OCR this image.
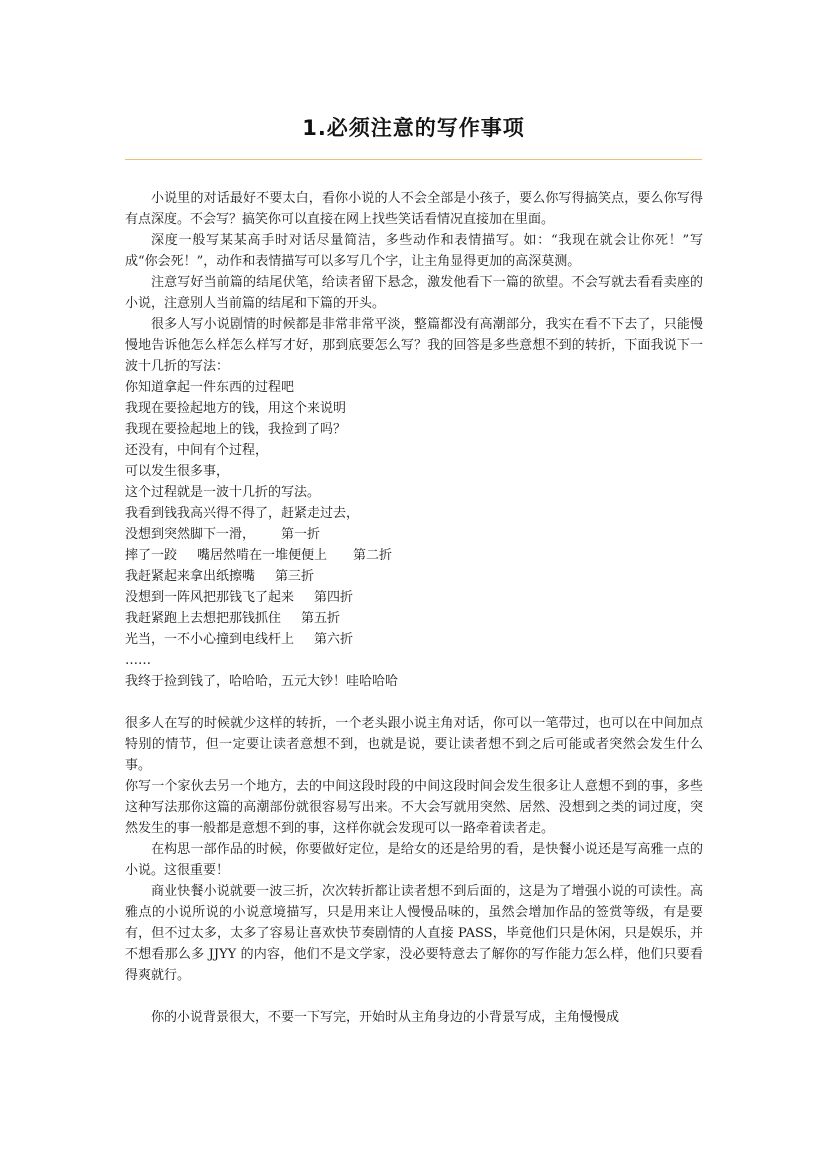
1.必须注意的写作事项

小说里的对话最好不要太白，看你小说的人不会全部是小孩子，要么你写得搞笑点，要么你写得有点深度。不会写？搞笑你可以直接在网上找些笑话看情况直接加在里面。

深度一般写某某高手时对话尽量简洁，多些动作和表情描写。如：“我现在就会让你死！”写成“你会死！”，动作和表情描写可以多写几个字，让主角显得更加的高深莫测。

注意写好当前篇的结尾伏笔，给读者留下悬念，激发他看下一篇的欲望。不会写就去看看卖座的小说，注意别人当前篇的结尾和下篇的开头。

很多人写小说剧情的时候都是非常非常平淡，整篇都没有高潮部分，我实在看不下去了，只能慢慢地告诉他怎么样怎么样写才好，那到底要怎么写？我的回答是多些意想不到的转折，下面我说下一波十几折的写法：

你知道拿起一件东西的过程吧

我现在要捡起地方的钱，用这个来说明

我现在要捡起地上的钱，我捡到了吗？

还没有，中间有个过程，

可以发生很多事，

这个过程就是一波十几折的写法。

我看到钱我高兴得不得了，赶紧走过去，

没想到突然脚下一滑， 第一折

摔了一跤 嘴居然啃在一堆便便上 第二折

我赶紧起来拿出纸擦嘴 第三折

没想到一阵风把那钱飞了起来 第四折

我赶紧跑上去想把那钱抓住 第五折

光当，一不小心撞到电线杆上 第六折

……

我终于捡到钱了，哈哈哈，五元大钞！哇哈哈哈

很多人在写的时候就少这样的转折，一个老头跟小说主角对话，你可以一笔带过，也可以在中间加点特别的情节，但一定要让读者意想不到，也就是说，要让读者想不到之后可能或者突然会发生什么事。

你写一个家伙去另一个地方，去的中间这段时段的中间这段时间会发生很多让人意想不到的事，多些这种写法那你这篇的高潮部份就很容易写出来。不大会写就用突然、居然、没想到之类的词过度，突然发生的事一般都是意想不到的事，这样你就会发现可以一路牵着读者走。

在构思一部作品的时候，你要做好定位，是给女的还是给男的看，是快餐小说还是写高雅一点的小说。这很重要！

商业快餐小说就要一波三折，次次转折都让读者想不到后面的，这是为了增强小说的可读性。高雅点的小说所说的小说意境描写，只是用来让人慢慢品味的，虽然会增加作品的签赏等级，有是要有，但不过太多，太多了容易让喜欢快节奏剧情的人直接 PASS，毕竟他们只是休闲，只是娱乐，并不想看那么多 JJYY 的内容，他们不是文学家，没必要特意去了解你的写作能力怎么样，他们只要看得爽就行。

你的小说背景很大，不要一下写完，开始时从主角身边的小背景写成，主角慢慢成
